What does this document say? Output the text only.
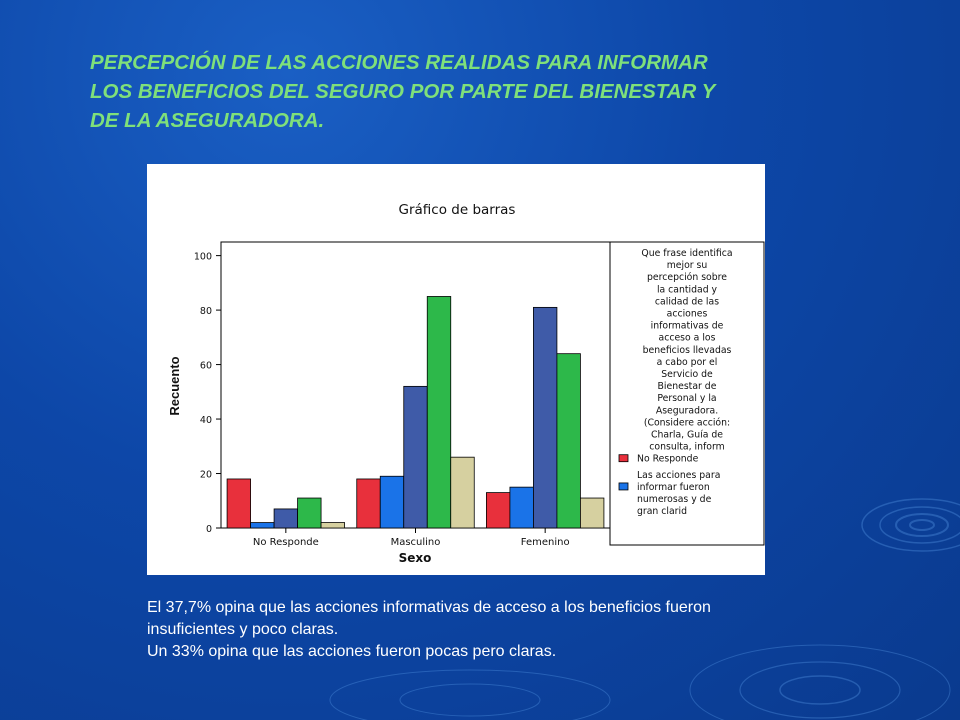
PERCEPCIÓN DE LAS ACCIONES REALIDAS PARA INFORMAR
LOS BENEFICIOS DEL SEGURO POR PARTE DEL BIENESTAR Y
DE LA ASEGURADORA.
Gráfico de barras
0
20
40
60
80
100
No Responde	Masculino	Femenino
Recuento
Sexo
Que frase identifica
mejor su
percepción sobre
la cantidad y
calidad de las
acciones
informativas de
acceso a los
beneficios llevadas
a cabo por el
Servicio de
Bienestar de
Personal y la
Aseguradora.
(Considere acción:
Charla, Guía de
consulta, inform
No Responde
Las acciones para
informar fueron
numerosas y de
gran clarid

El 37,7% opina que las acciones informativas de acceso a los beneficios fueron

insuficientes y poco claras.

Un 33% opina que las acciones fueron pocas pero claras.
